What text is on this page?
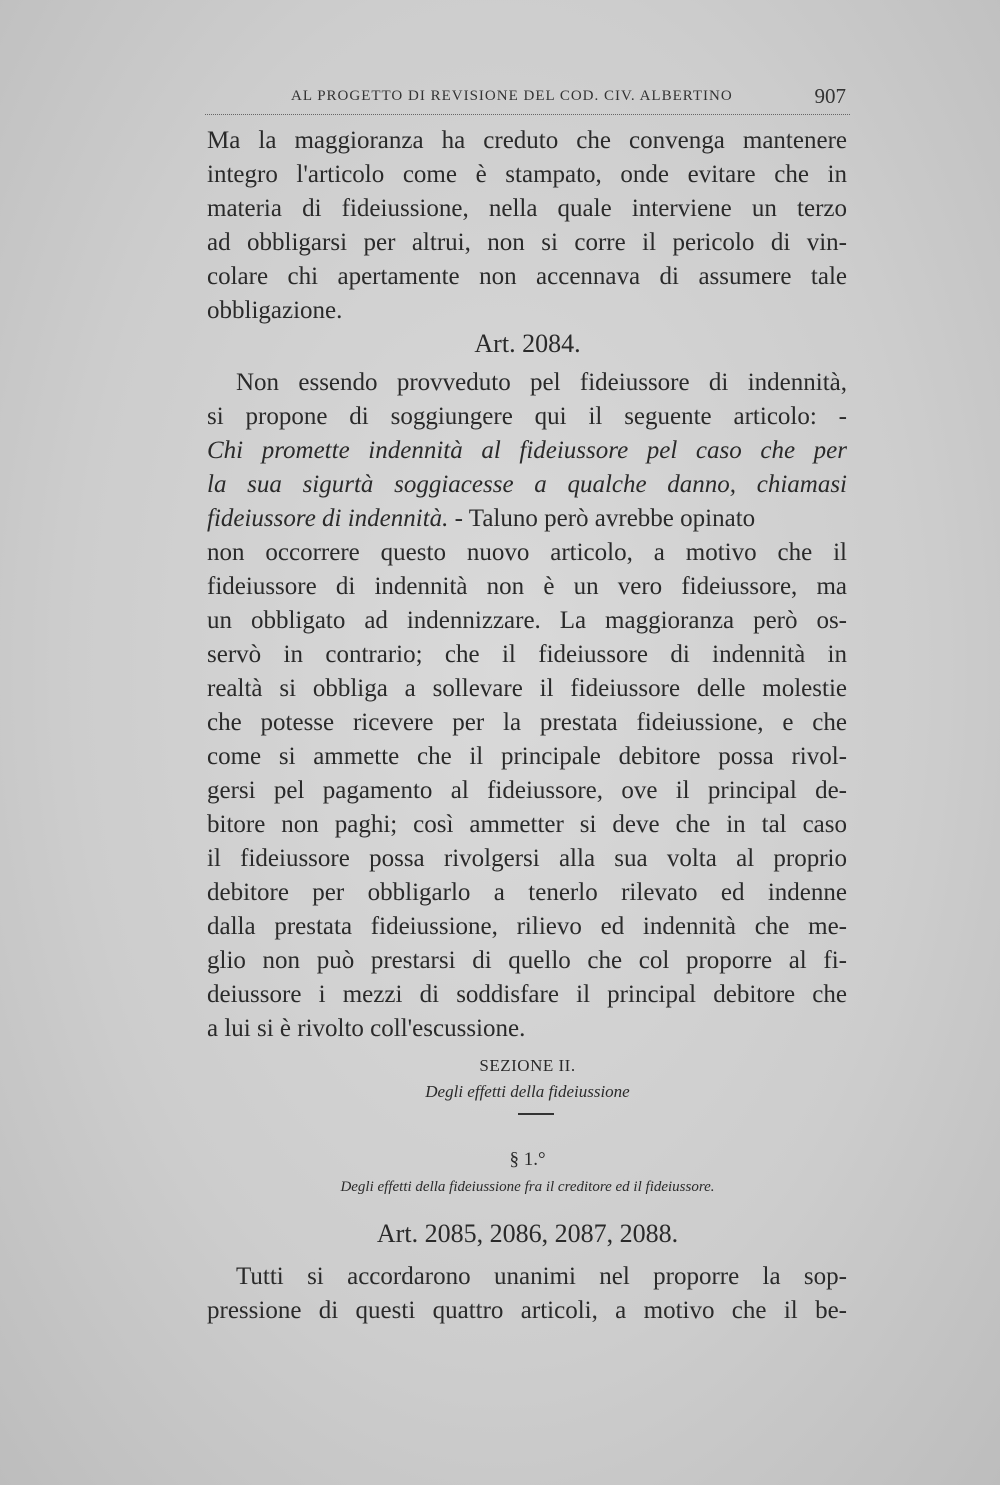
AL PROGETTO DI REVISIONE DEL COD. CIV. ALBERTINO	907
Ma la maggioranza ha creduto che convenga mantenere
integro l'articolo come è stampato, onde evitare che in
materia di fideiussione, nella quale interviene un terzo
ad obbligarsi per altrui, non si corre il pericolo di vin-
colare chi apertamente non accennava di assumere tale
obbligazione.
Art. 2084.
Non essendo provveduto pel fideiussore di indennità,
si propone di soggiungere qui il seguente articolo: -
Chi promette indennità al fideiussore pel caso che per
la sua sigurtà soggiacesse a qualche danno, chiamasi
fideiussore di indennità. - Taluno però avrebbe opinato
non occorrere questo nuovo articolo, a motivo che il
fideiussore di indennità non è un vero fideiussore, ma
un obbligato ad indennizzare. La maggioranza però os-
servò in contrario; che il fideiussore di indennità in
realtà si obbliga a sollevare il fideiussore delle molestie
che potesse ricevere per la prestata fideiussione, e che
come si ammette che il principale debitore possa rivol-
gersi pel pagamento al fideiussore, ove il principal de-
bitore non paghi; così ammetter si deve che in tal caso
il fideiussore possa rivolgersi alla sua volta al proprio
debitore per obbligarlo a tenerlo rilevato ed indenne
dalla prestata fideiussione, rilievo ed indennità che me-
glio non può prestarsi di quello che col proporre al fi-
deiussore i mezzi di soddisfare il principal debitore che
a lui si è rivolto coll'escussione.
SEZIONE II.
Degli effetti della fideiussione
§ 1.°
Degli effetti della fideiussione fra il creditore ed il fideiussore.
Art. 2085, 2086, 2087, 2088.
Tutti si accordarono unanimi nel proporre la sop-
pressione di questi quattro articoli, a motivo che il be-
